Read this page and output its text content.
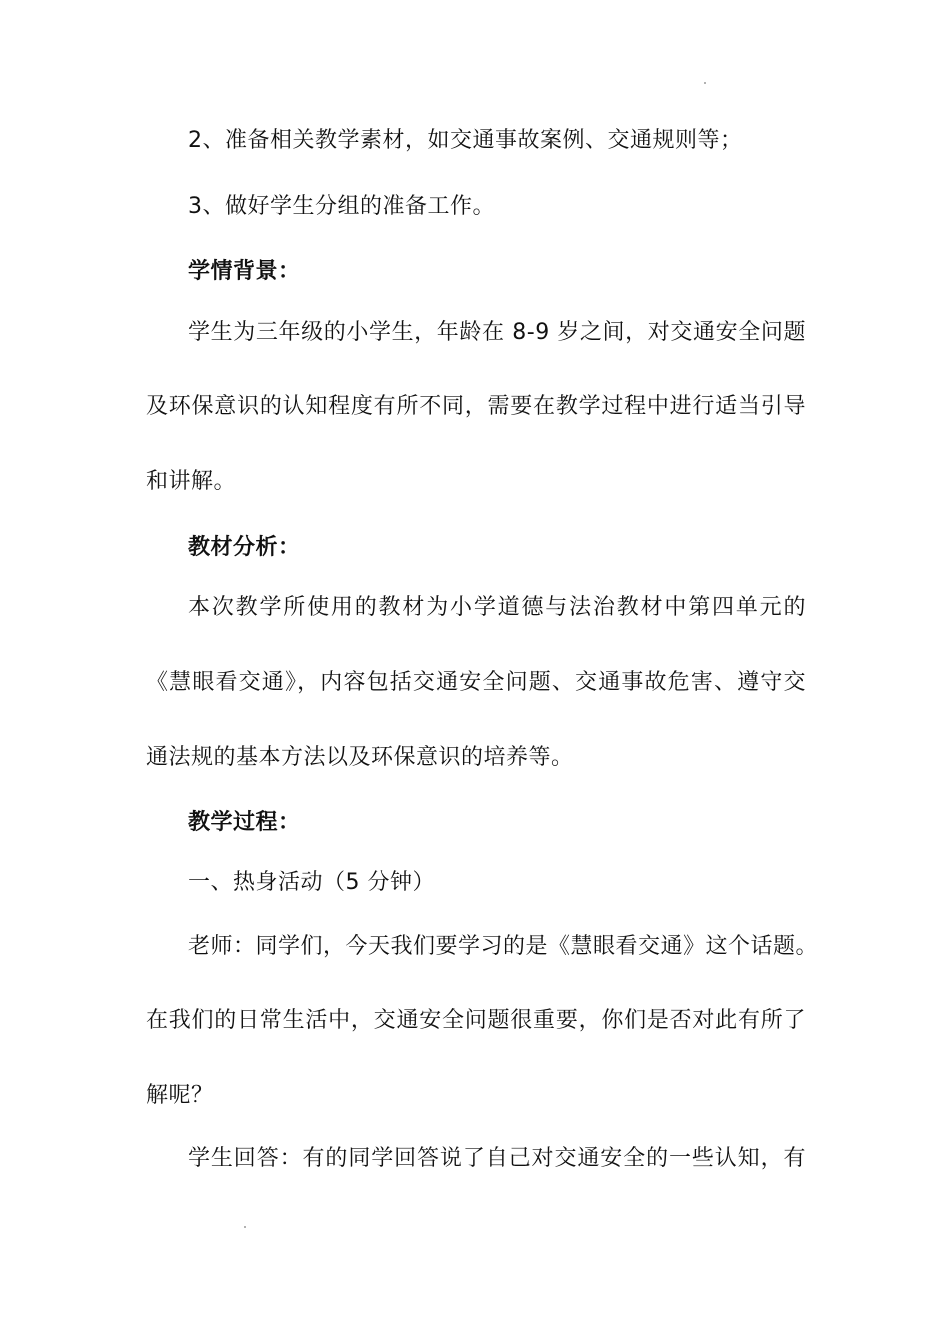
2、准备相关教学素材，如交通事故案例、交通规则等；
3、做好学生分组的准备工作。
学情背景：
学生为三年级的小学生，年龄在 8-9 岁之间，对交通安全问题
及环保意识的认知程度有所不同，需要在教学过程中进行适当引导
和讲解。
教材分析：
本次教学所使用的教材为小学道德与法治教材中第四单元的
《慧眼看交通》，内容包括交通安全问题、交通事故危害、遵守交
通法规的基本方法以及环保意识的培养等。
教学过程：
一、热身活动（5 分钟）
老师：同学们，今天我们要学习的是《慧眼看交通》这个话题。
在我们的日常生活中，交通安全问题很重要，你们是否对此有所了
解呢？
学生回答：有的同学回答说了自己对交通安全的一些认知，有
